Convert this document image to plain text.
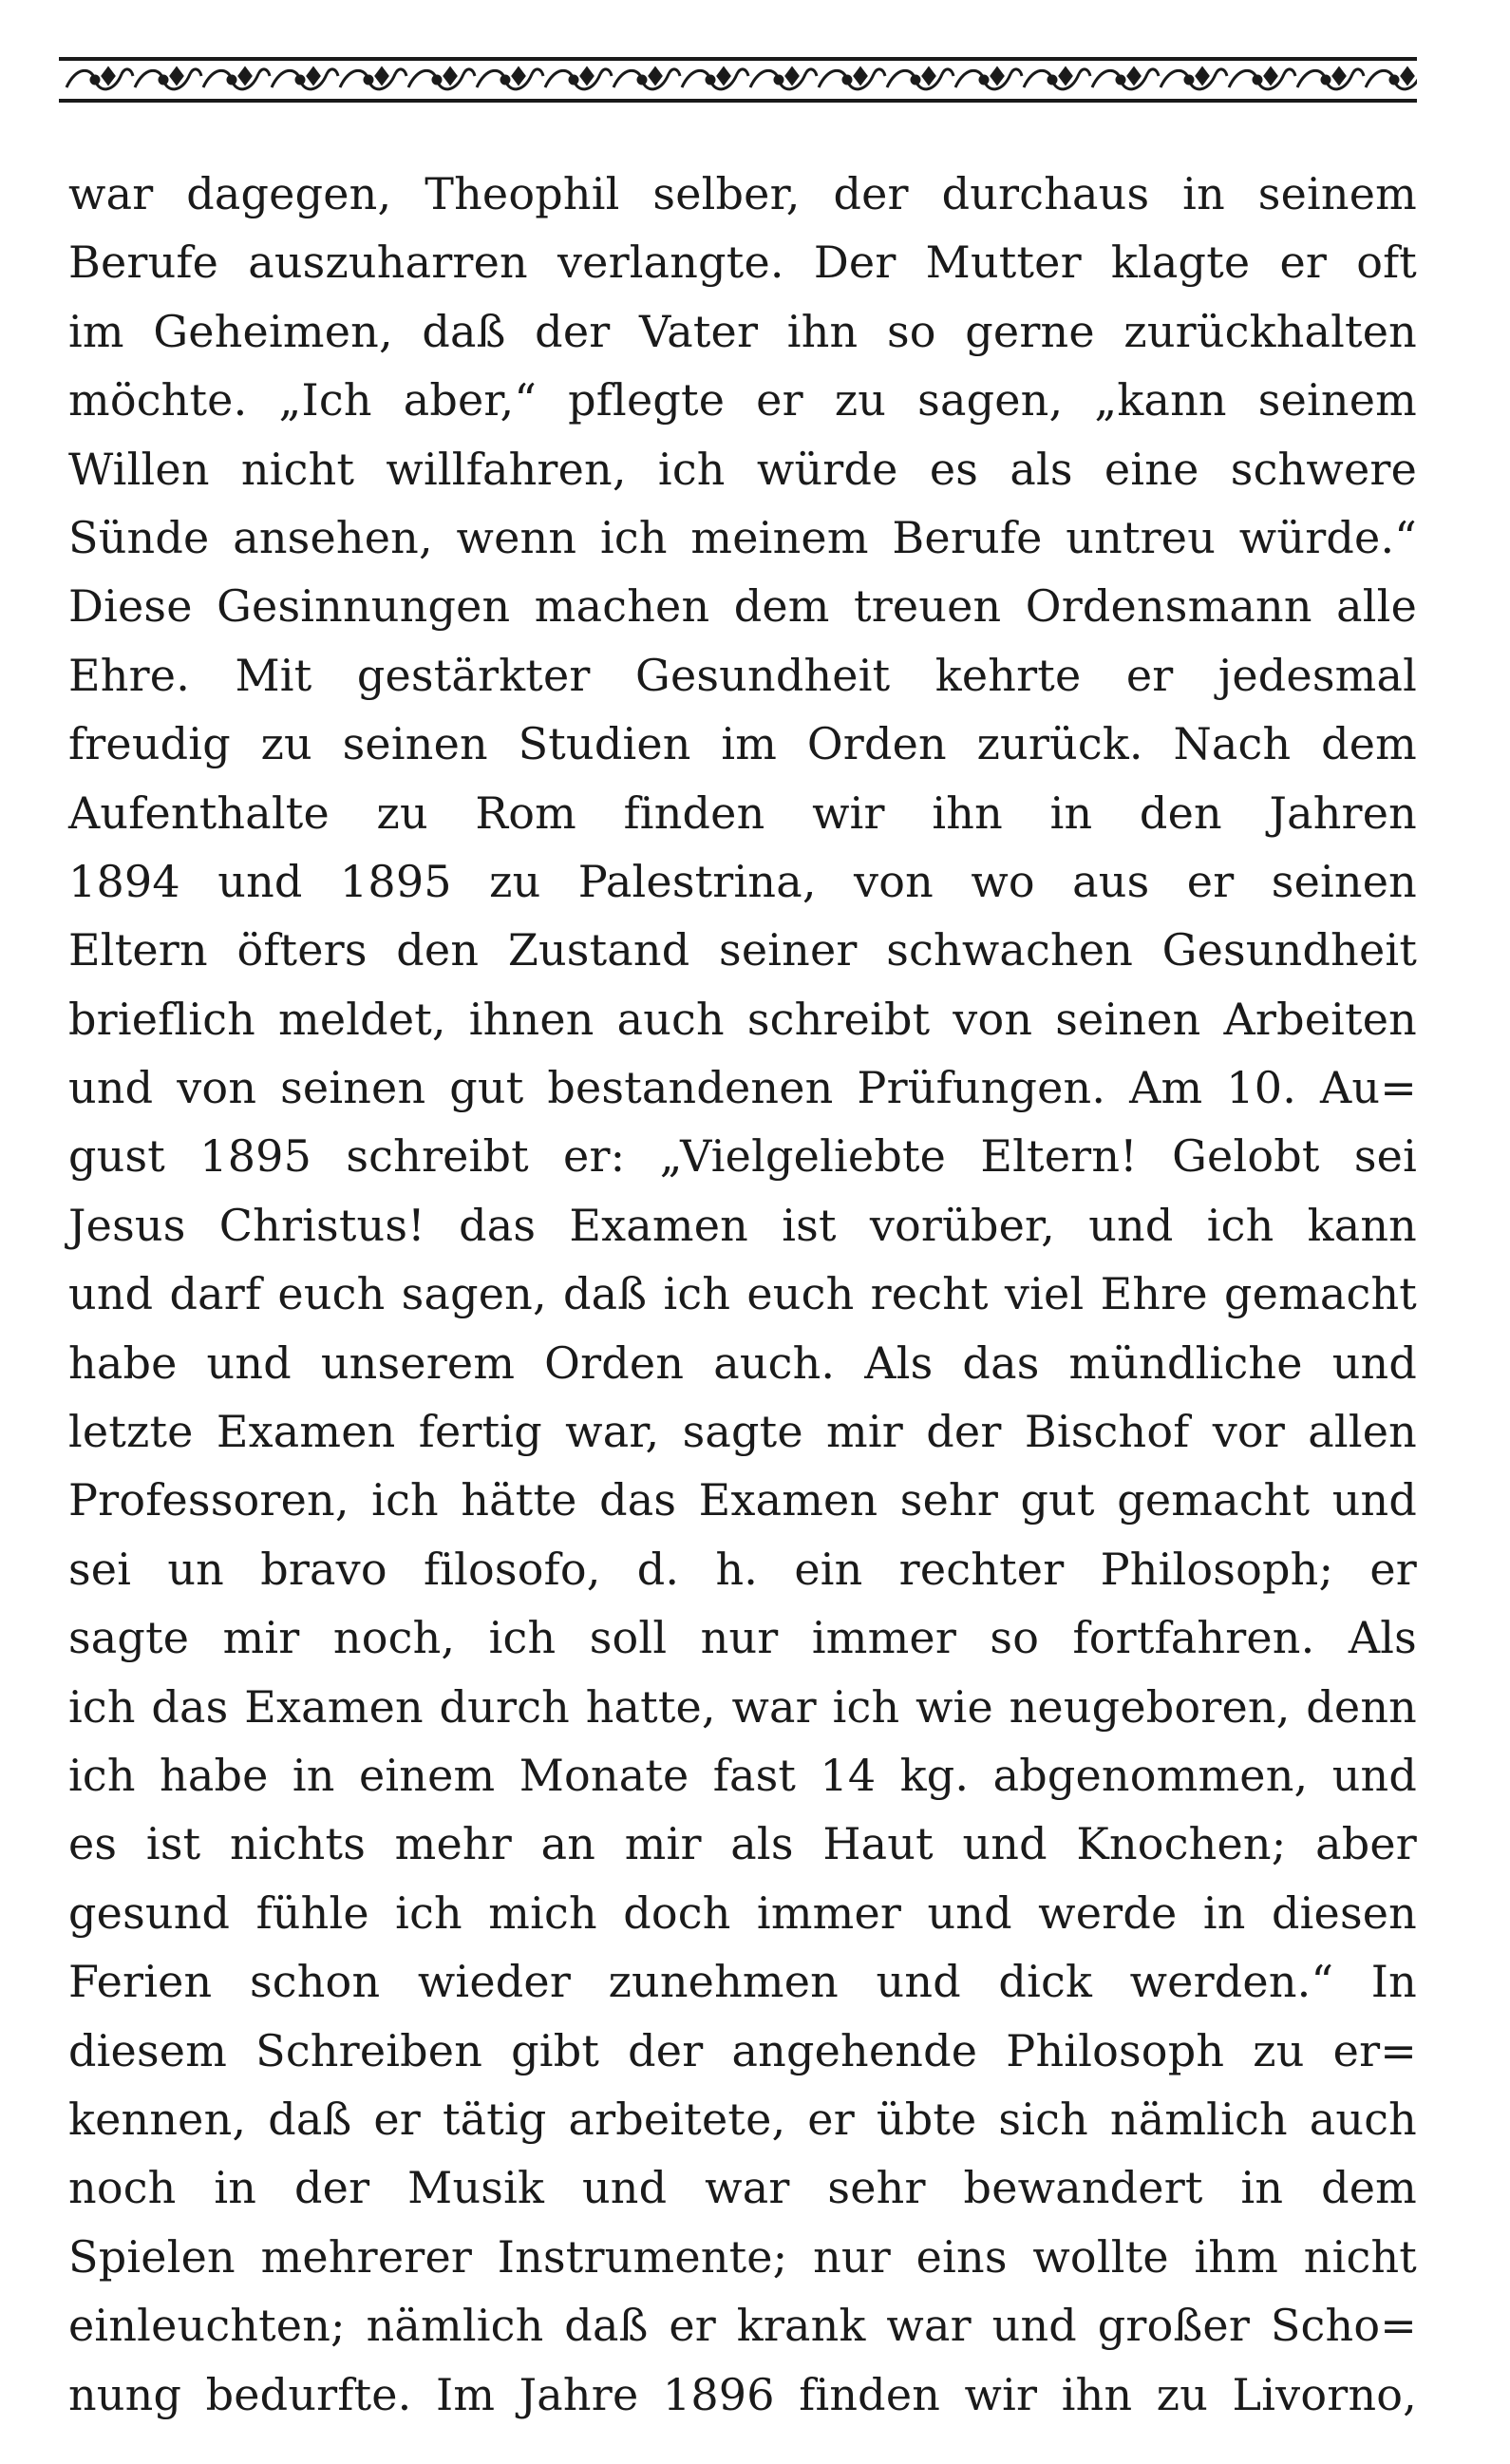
war dagegen, Theophil selber, der durchaus in seinem
Berufe auszuharren verlangte. Der Mutter klagte er oft
im Geheimen, daß der Vater ihn so gerne zurückhalten
möchte. „Ich aber,“ pflegte er zu sagen, „kann seinem
Willen nicht willfahren, ich würde es als eine schwere
Sünde ansehen, wenn ich meinem Berufe untreu würde.“
Diese Gesinnungen machen dem treuen Ordensmann alle
Ehre. Mit gestärkter Gesundheit kehrte er jedesmal
freudig zu seinen Studien im Orden zurück. Nach dem
Aufenthalte zu Rom finden wir ihn in den Jahren
1894 und 1895 zu Palestrina, von wo aus er seinen
Eltern öfters den Zustand seiner schwachen Gesundheit
brieflich meldet, ihnen auch schreibt von seinen Arbeiten
und von seinen gut bestandenen Prüfungen. Am 10. Au=
gust 1895 schreibt er: „Vielgeliebte Eltern! Gelobt sei
Jesus Christus! das Examen ist vorüber, und ich kann
und darf euch sagen, daß ich euch recht viel Ehre gemacht
habe und unserem Orden auch. Als das mündliche und
letzte Examen fertig war, sagte mir der Bischof vor allen
Professoren, ich hätte das Examen sehr gut gemacht und
sei un bravo filosofo, d. h. ein rechter Philosoph; er
sagte mir noch, ich soll nur immer so fortfahren. Als
ich das Examen durch hatte, war ich wie neugeboren, denn
ich habe in einem Monate fast 14 kg. abgenommen, und
es ist nichts mehr an mir als Haut und Knochen; aber
gesund fühle ich mich doch immer und werde in diesen
Ferien schon wieder zunehmen und dick werden.“ In
diesem Schreiben gibt der angehende Philosoph zu er=
kennen, daß er tätig arbeitete, er übte sich nämlich auch
noch in der Musik und war sehr bewandert in dem
Spielen mehrerer Instrumente; nur eins wollte ihm nicht
einleuchten; nämlich daß er krank war und großer Scho=
nung bedurfte. Im Jahre 1896 finden wir ihn zu Livorno,
